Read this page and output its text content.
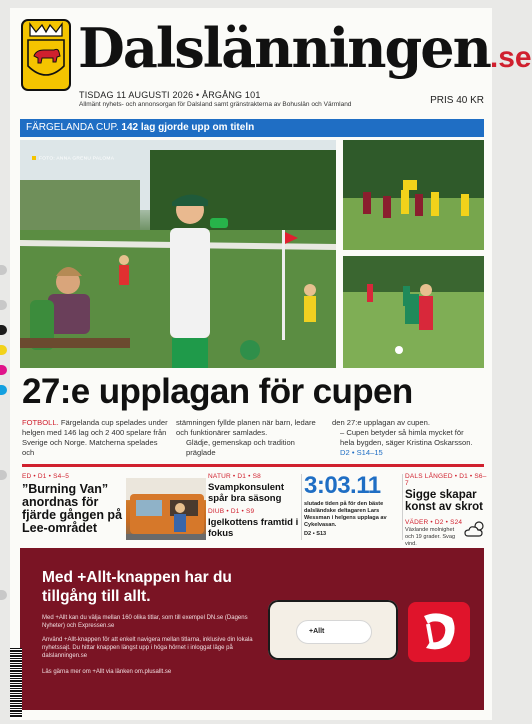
Dalslänningen.se
TISDAG 11 AUGUSTI 2026 • ÅRGÅNG 101
Allmänt nyhets- och annonsorgan för Dalsland samt gränstrakterna av Bohuslän och Värmland	PRIS 40 KR
FÄRGELANDA CUP. 142 lag gjorde upp om titeln
FOTO: ANNA GRENU PALOMA
27:e upplagan för cupen
FOTBOLL. Färgelanda cup spelades under helgen med 146 lag och 2 400 spelare från Sverige och Norge. Matcherna spelades och
stämningen fyllde planen när barn, ledare och funktionärer samlades.
Glädje, gemenskap och tradition präglade
den 27:e upplagan av cupen.
– Cupen betyder så himla mycket för hela bygden, säger Kristina Oskarsson. D2 • S14–15
ED • D1 • S4–5
”Burning Van” anordnas för fjärde gången på Lee-området
NATUR • D1 • S8
Svampkonsulent spår bra säsong
DIUB • D1 • S9
Igelkottens framtid i fokus
3:03.11
slutade tiden på för den bäste dalsländske deltagaren Lars Wessman i helgens upplaga av Cykelvasan.
D2 • S13
DALS LÅNGED • D1 • S6–7
Sigge skapar konst av skrot
VÄDER • D2 • S24
Växlande molnighet och 19 grader. Svag vind.
Med +Allt-knappen har du tillgång till allt.

Med +Allt kan du välja mellan 160 olika titlar, som till exempel DN.se (Dagens Nyheter) och Expressen.se

Använd +Allt-knappen för att enkelt navigera mellan titlarna, inklusive din lokala nyhetssajt. Du hittar knappen längst upp i höga hörnet i inloggat läge på dalslanningen.se

Läs gärna mer om +Allt via länken om.plusallt.se

+Allt
